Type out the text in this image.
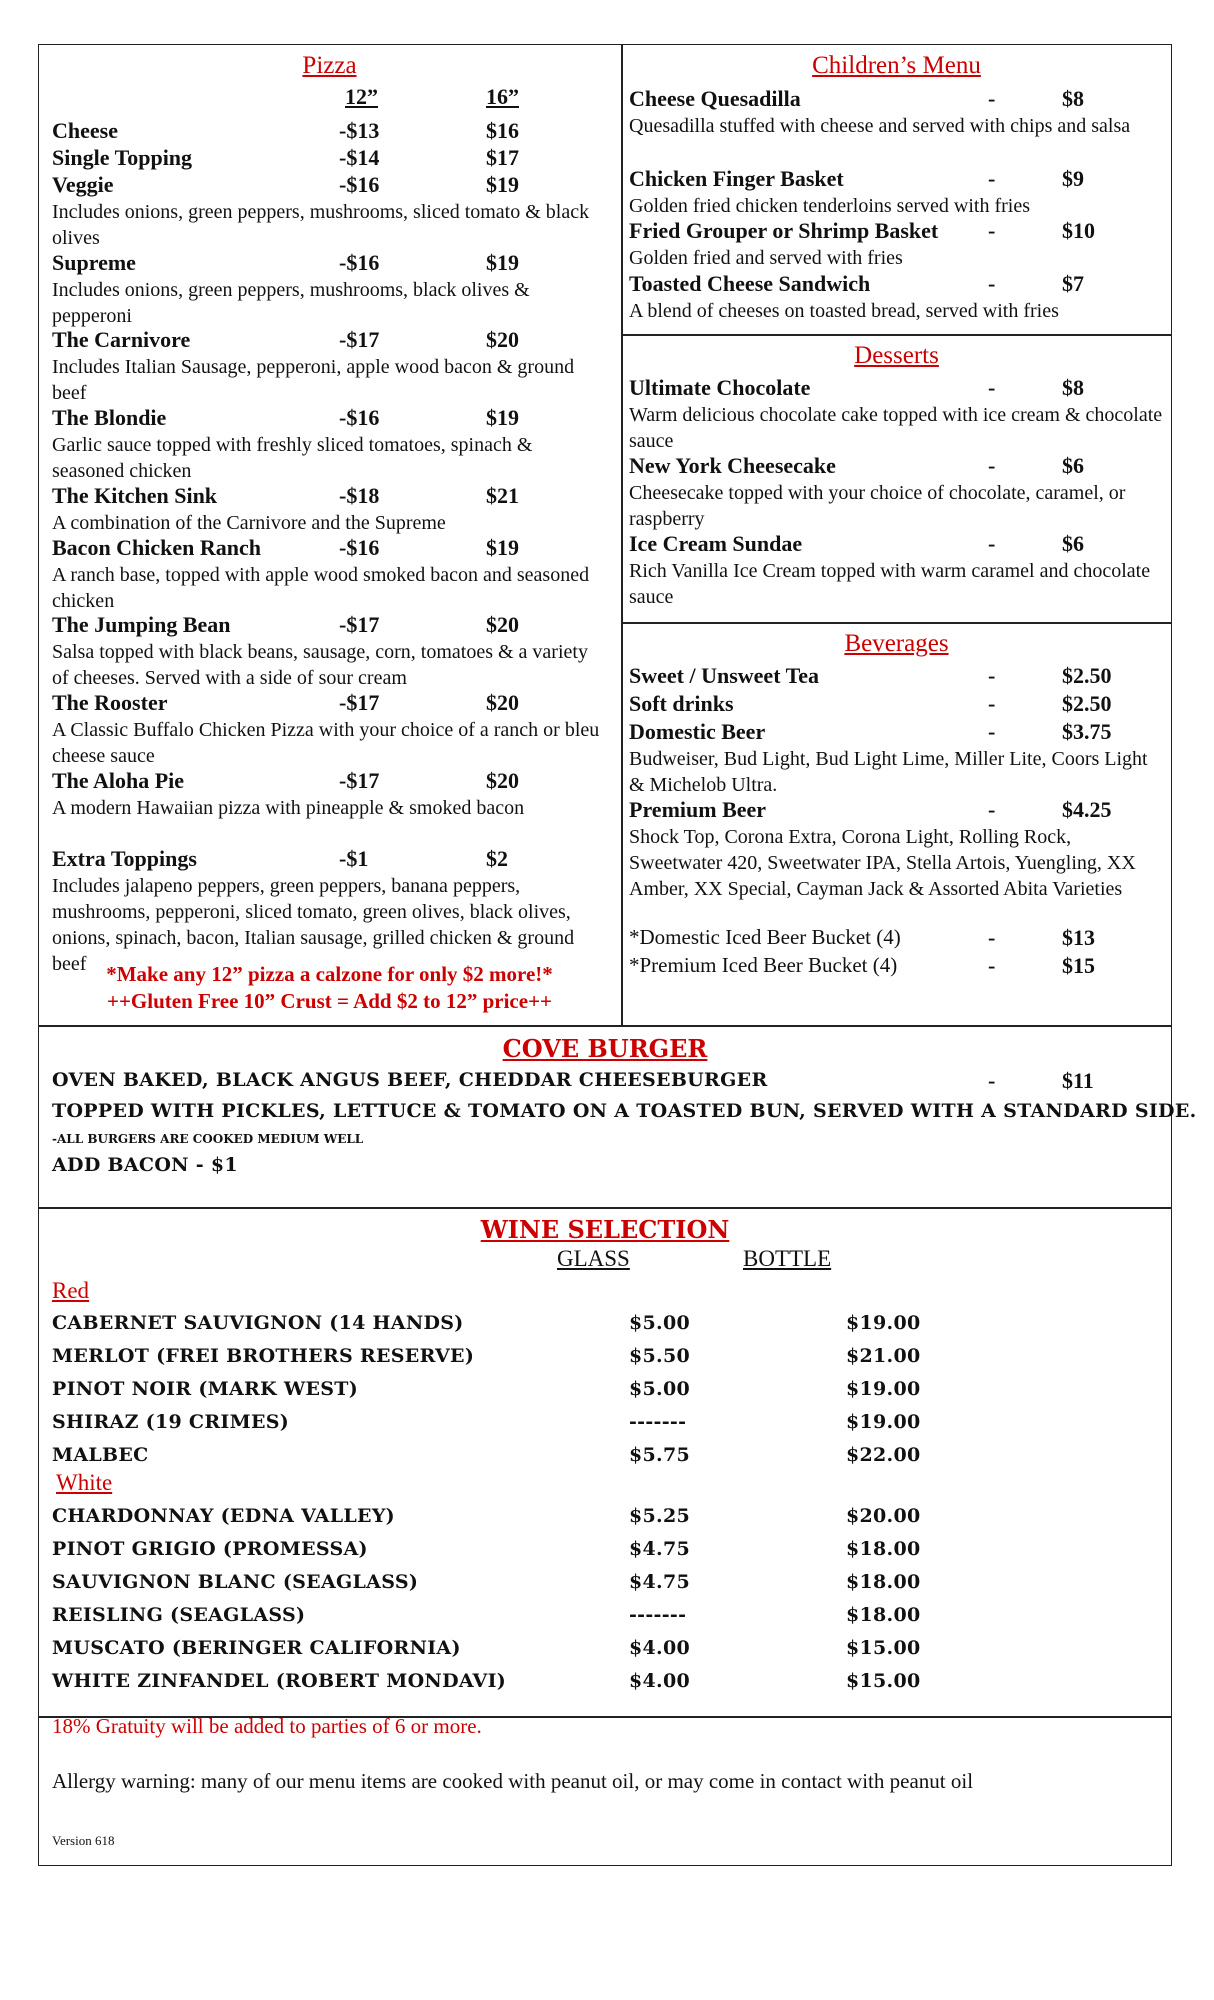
Pizza
12”	16”
Cheese	-$13	$16
Single Topping	-$14	$17
Veggie	-$16	$19
Includes onions, green peppers, mushrooms, sliced tomato & black olives
Supreme	-$16	$19
Includes onions, green peppers, mushrooms, black olives & pepperoni
The Carnivore	-$17	$20
Includes Italian Sausage, pepperoni, apple wood bacon & ground beef
The Blondie	-$16	$19
Garlic sauce topped with freshly sliced tomatoes, spinach & seasoned chicken
The Kitchen Sink	-$18	$21
A combination of the Carnivore and the Supreme
Bacon Chicken Ranch	-$16	$19
A ranch base, topped with apple wood smoked bacon and seasoned chicken
The Jumping Bean	-$17	$20
Salsa topped with black beans, sausage, corn, tomatoes & a variety of cheeses. Served with a side of sour cream
The Rooster	-$17	$20
A Classic Buffalo Chicken Pizza with your choice of a ranch or bleu cheese sauce
The Aloha Pie	-$17	$20
A modern Hawaiian pizza with pineapple & smoked bacon
Extra Toppings	-$1	$2
Includes jalapeno peppers, green peppers, banana peppers, mushrooms, pepperoni, sliced tomato, green olives, black olives, onions, spinach, bacon, Italian sausage, grilled chicken & ground beef *Make any 12” pizza a calzone for only $2 more!*
++Gluten Free 10” Crust = Add $2 to 12” price++
Children’s Menu
Cheese Quesadilla	-	$8
Quesadilla stuffed with cheese and served with chips and salsa
Chicken Finger Basket	-	$9
Golden fried chicken tenderloins served with fries
Fried Grouper or Shrimp Basket -	$10
Golden fried and served with fries
Toasted Cheese Sandwich	-	$7
A blend of cheeses on toasted bread, served with fries
Desserts
Ultimate Chocolate	-	$8
Warm delicious chocolate cake topped with ice cream & chocolate sauce
New York Cheesecake	-	$6
Cheesecake topped with your choice of chocolate, caramel, or raspberry
Ice Cream Sundae	-	$6
Rich Vanilla Ice Cream topped with warm caramel and chocolate sauce
Beverages
Sweet / Unsweet Tea	-	$2.50
Soft drinks	-	$2.50
Domestic Beer	-	$3.75
Budweiser, Bud Light, Bud Light Lime, Miller Lite, Coors Light & Michelob Ultra.
Premium Beer	-	$4.25
Shock Top, Corona Extra, Corona Light, Rolling Rock, Sweetwater 420, Sweetwater IPA, Stella Artois, Yuengling, XX Amber, XX Special, Cayman Jack & Assorted Abita Varieties
*Domestic Iced Beer Bucket (4)	-	$13
*Premium Iced Beer Bucket (4)	-	$15
COVE BURGER
OVEN BAKED, BLACK ANGUS BEEF, CHEDDAR CHEESEBURGER	-	$11
TOPPED WITH PICKLES, LETTUCE & TOMATO ON A TOASTED BUN, SERVED WITH A STANDARD SIDE.
-ALL BURGERS ARE COOKED MEDIUM WELL
ADD BACON - $1
WINE SELECTION
GLASS	BOTTLE
Red
CABERNET SAUVIGNON (14 HANDS)	$5.00	$19.00
MERLOT (FREI BROTHERS RESERVE)	$5.50	$21.00
PINOT NOIR (MARK WEST)	$5.00	$19.00
SHIRAZ (19 CRIMES)	-------	$19.00
MALBEC	$5.75	$22.00
White
CHARDONNAY (EDNA VALLEY)	$5.25	$20.00
PINOT GRIGIO (PROMESSA)	$4.75	$18.00
SAUVIGNON BLANC (SEAGLASS)	$4.75	$18.00
REISLING (SEAGLASS)	-------	$18.00
MUSCATO (BERINGER CALIFORNIA)	$4.00	$15.00
WHITE ZINFANDEL (ROBERT MONDAVI)	$4.00	$15.00
18% Gratuity will be added to parties of 6 or more.
Allergy warning: many of our menu items are cooked with peanut oil, or may come in contact with peanut oil
Version 618
